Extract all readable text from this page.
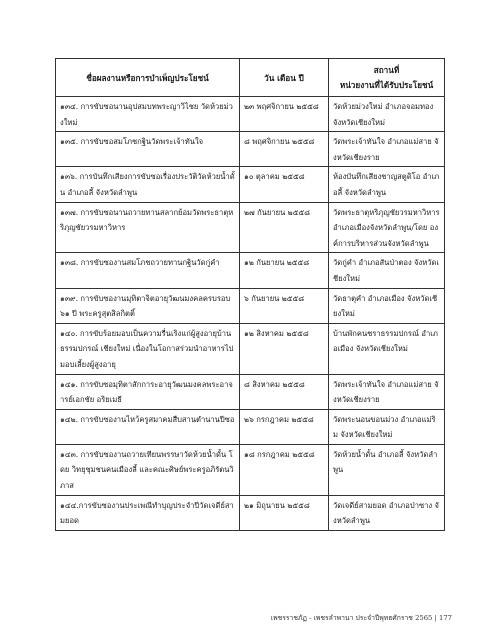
ชื่อผลงานหรือการบำเพ็ญประโยชน์	วัน เดือน ปี	สถานที่
หน่วยงานที่ได้รับประโยชน์

๑๓๔. การขับซอนานอุปสมบทพระญาวิไชย วัดห้วยม่วงใหม่	๒๓ พฤศจิกายน ๒๕๕๘	วัดห้วยม่วงใหม่ อำเภอจอมทอง จังหวัดเชียงใหม่
๑๓๕. การขับซอสมโภชกฐินวัดพระเจ้าทันใจ	๘ พฤศจิกายน ๒๕๕๘	วัดพระเจ้าทันใจ อำเภอแม่สาย จังหวัดเชียงราย
๑๓๖. การบันทึกเสียงการขับซอเรื่องประวัติวัดห้วยน้ำดั้น อำเภอลี้ จังหวัดลำพูน	๑๐ ตุลาคม ๒๕๕๘	ห้องบันทึกเสียงชาญสตูดิโอ อำเภอลี้ จังหวัดลำพูน
๑๓๗. การขับซอนานถวายทานสลากย้อมวัดพระธาตุหริภุญชัยวรมหาวิหาร	๒๗ กันยายน ๒๕๕๘	วัดพระธาตุหริภุญชัยวรมหาวิหาร อำเภอเมืองจังหวัดลำพูน/โดย องค์การบริหารส่วนจังหวัดลำพูน
๑๓๘. การขับซองานสมโภชถวายทานกฐินวัดกู่คำ	๑๒ กันยายน ๒๕๕๘	วัดกู่คำ อำเภอสันป่าตอง จังหวัดเชียงใหม่
๑๓๙. การขับซองานมุทิตาจิตอายุวัฒนมงคลครบรอบ ๖๑ ปี พระครูสุตสิลกิตติ์	๖ กันยายน ๒๕๕๘	วัดธาตุคำ อำเภอเมือง จังหวัดเชียงใหม่
๑๔๐. การขับร้อยมอบเป็นความรื่นเริงแก่ผู้สูงอายุบ้านธรรมปกรณ์ เชียงใหม่ เนื่องในโอกาสร่วมนำอาหารไปมอบเลี้ยงผู้สูงอายุ	๑๒ สิงหาคม ๒๕๕๘	บ้านพักคนชราธรรมปกรณ์ อำเภอเมือง จังหวัดเชียงใหม่
๑๔๑. การขับซอมุทิตาสักการะอายุวัฒนมงคลพระอาจารย์เอกชัย อริยเมธี	๘ สิงหาคม ๒๕๕๘	วัดพระเจ้าทันใจ อำเภอแม่สาย จังหวัดเชียงราย
๑๔๒. การขับซองานไหว้ครูสมาคมสืบสานตำนานปีซอ	๒๖ กรกฎาคม ๒๕๕๘	วัดพระนอนขอนม่วง อำเภอแม่ริม จังหวัดเชียงใหม่
๑๔๓. การขับซองานถวายเทียนพรรษาวัดห้วยน้ำดั้น โดย วิทยุชุมชนคนเมืองลี้ และคณะศิษย์พระครูอภิรัตนวิภาส	๑๘ กรกฎาคม ๒๕๕๘	วัดห้วยน้ำดั้น อำเภอลี้ จังหวัดลำพูน
๑๔๔.การขับซองานประเพณีทำบุญประจำปีวัดเจดีย์สามยอด	๒๑ มิถุนายน ๒๕๕๘	วัดเจดีย์สามยอด อำเภอป่าซาง จังหวัดลำพูน
เพชรราชภัฏ - เพชรลำพานา ประจำปีพุทธศักราช 2565 | 177
